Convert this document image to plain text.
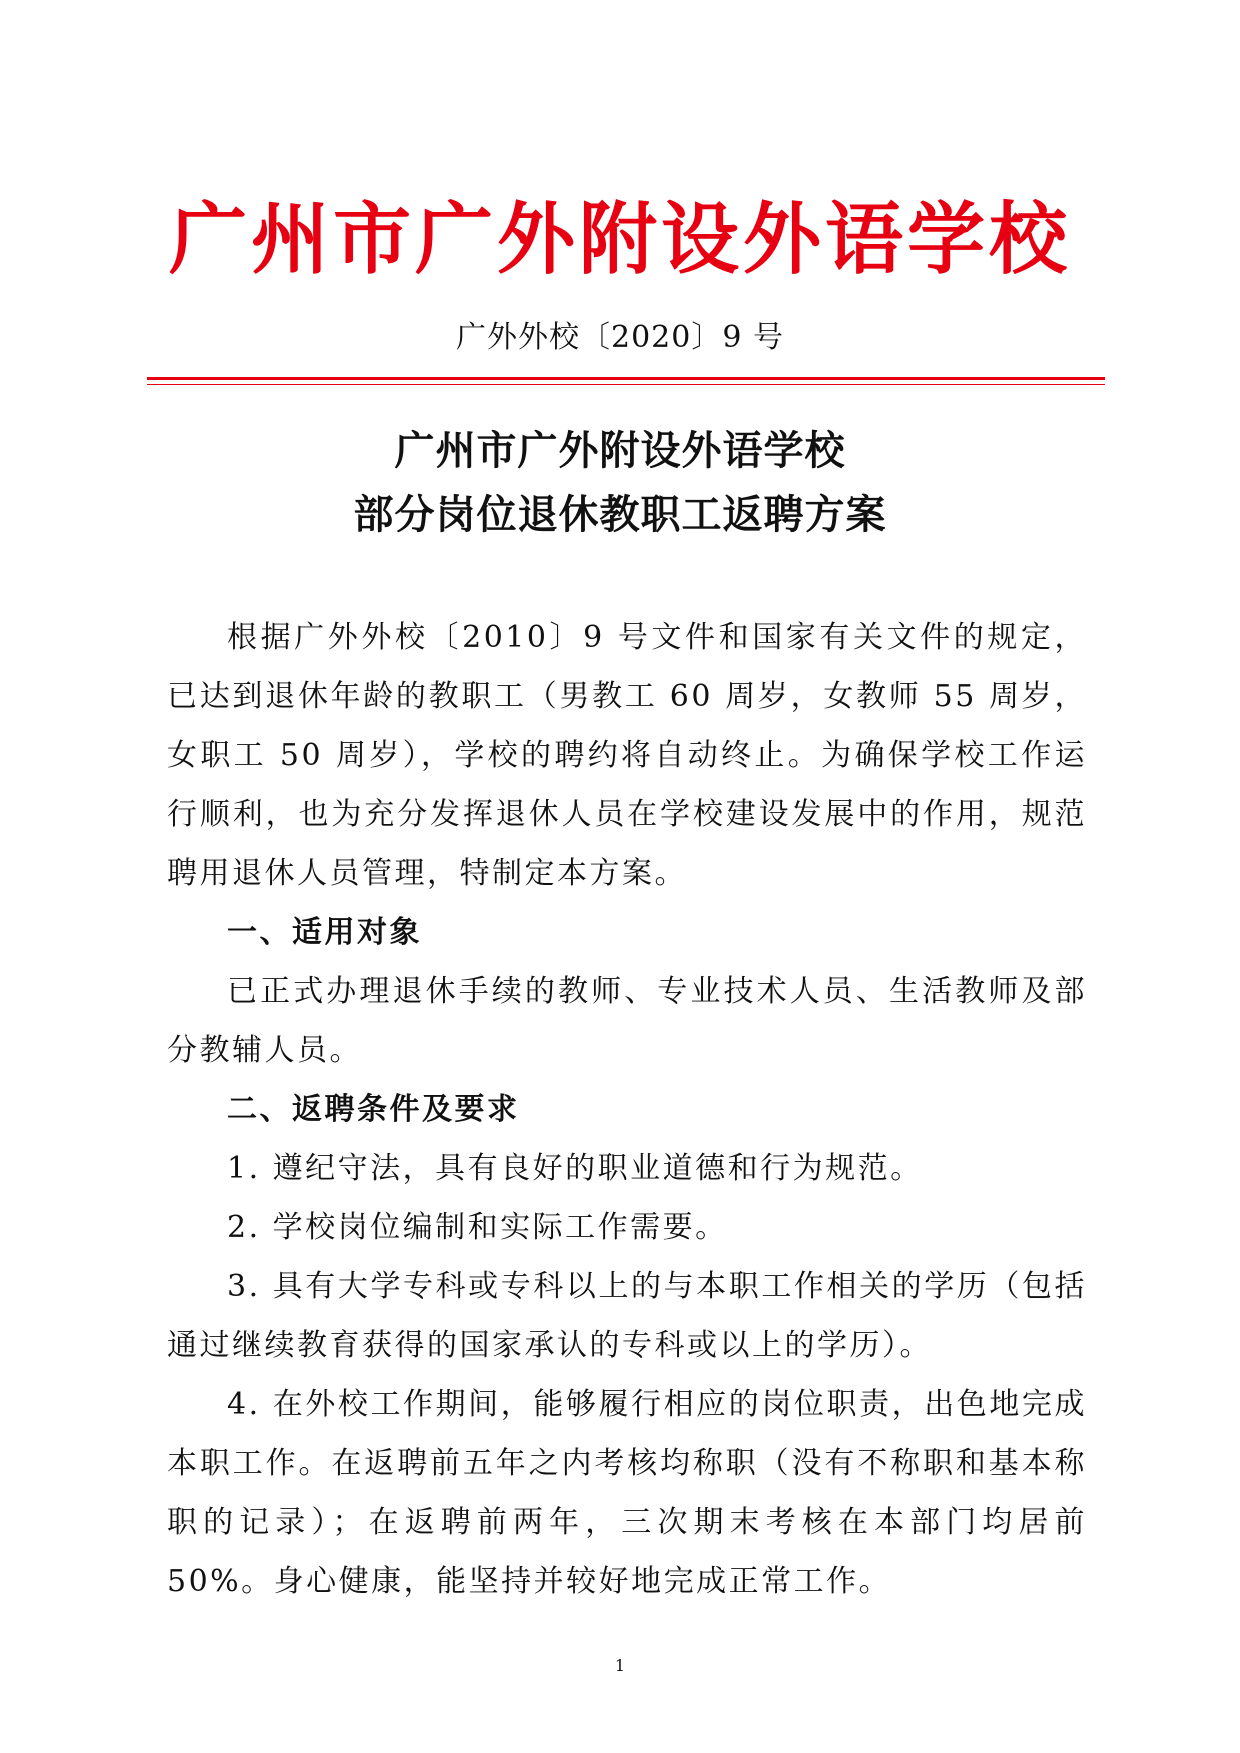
广州市广外附设外语学校
广外外校〔2020〕9 号
广州市广外附设外语学校
部分岗位退休教职工返聘方案

根据广外外校〔2010〕9 号文件和国家有关文件的规定，已达到退休年龄的教职工（男教工 60 周岁，女教师 55 周岁，女职工 50 周岁），学校的聘约将自动终止。为确保学校工作运行顺利，也为充分发挥退休人员在学校建设发展中的作用，规范聘用退休人员管理，特制定本方案。

一、适用对象

已正式办理退休手续的教师、专业技术人员、生活教师及部分教辅人员。

二、返聘条件及要求

1. 遵纪守法，具有良好的职业道德和行为规范。

2. 学校岗位编制和实际工作需要。

3. 具有大学专科或专科以上的与本职工作相关的学历（包括通过继续教育获得的国家承认的专科或以上的学历）。

4. 在外校工作期间，能够履行相应的岗位职责，出色地完成本职工作。在返聘前五年之内考核均称职（没有不称职和基本称职的记录）；在返聘前两年，三次期末考核在本部门均居前 50%。身心健康，能坚持并较好地完成正常工作。

1
